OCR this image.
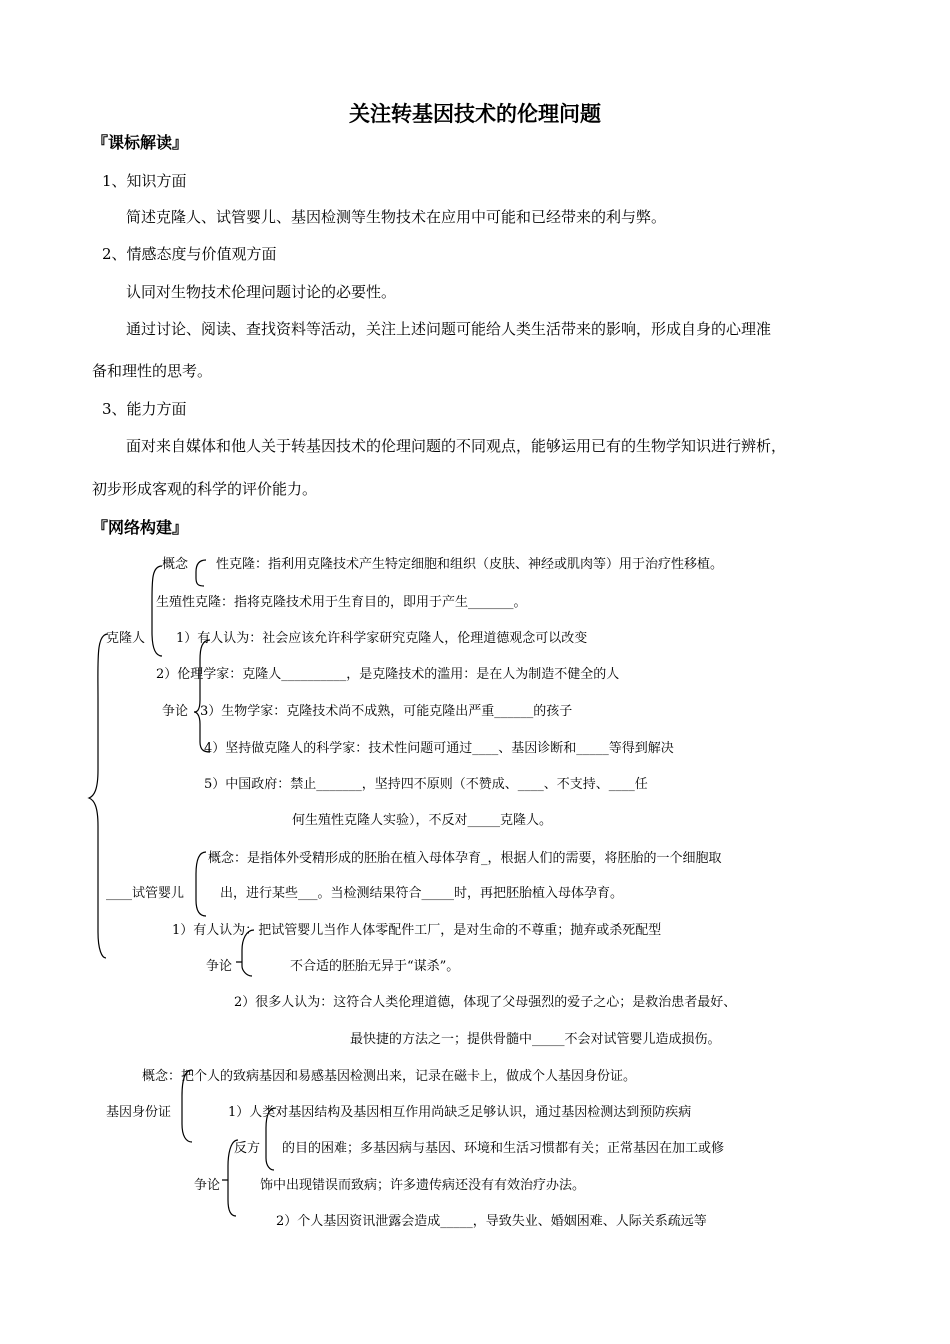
关注转基因技术的伦理问题
『课标解读』
1、知识方面
简述克隆人、试管婴儿、基因检测等生物技术在应用中可能和已经带来的利与弊。
2、情感态度与价值观方面
认同对生物技术伦理问题讨论的必要性。
通过讨论、阅读、查找资料等活动，关注上述问题可能给人类生活带来的影响，形成自身的心理准
备和理性的思考。
3、能力方面
面对来自媒体和他人关于转基因技术的伦理问题的不同观点，能够运用已有的生物学知识进行辨析，
初步形成客观的科学的评价能力。
『网络构建』
概念 性克隆：指利用克隆技术产生特定细胞和组织（皮肤、神经或肌肉等）用于治疗性移植。
生殖性克隆：指将克隆技术用于生育目的，即用于产生_______。
克隆人 1）有人认为：社会应该允许科学家研究克隆人，伦理道德观念可以改变
2）伦理学家：克隆人__________，是克隆技术的滥用：是在人为制造不健全的人
争论 3）生物学家：克隆技术尚不成熟，可能克隆出严重______的孩子
4）坚持做克隆人的科学家：技术性问题可通过____、基因诊断和_____等得到解决
5）中国政府：禁止_______，坚持四不原则（不赞成、____、不支持、____任
何生殖性克隆人实验），不反对_____克隆人。
概念：是指体外受精形成的胚胎在植入母体孕育_，根据人们的需要，将胚胎的一个细胞取
____试管婴儿	出，进行某些___。当检测结果符合_____时，再把胚胎植入母体孕育。
1）有人认为：把试管婴儿当作人体零配件工厂，是对生命的不尊重；抛弃或杀死配型
争论	不合适的胚胎无异于“谋杀”。
2）很多人认为：这符合人类伦理道德，体现了父母强烈的爱子之心；是救治患者最好、
最快捷的方法之一；提供骨髓中_____不会对试管婴儿造成损伤。
概念：把个人的致病基因和易感基因检测出来，记录在磁卡上，做成个人基因身份证。
基因身份证	1）人类对基因结构及基因相互作用尚缺乏足够认识，通过基因检测达到预防疾病
反方 的目的困难；多基因病与基因、环境和生活习惯都有关；正常基因在加工或修
争论	饰中出现错误而致病；许多遗传病还没有有效治疗办法。
2）个人基因资讯泄露会造成_____，导致失业、婚姻困难、人际关系疏远等
